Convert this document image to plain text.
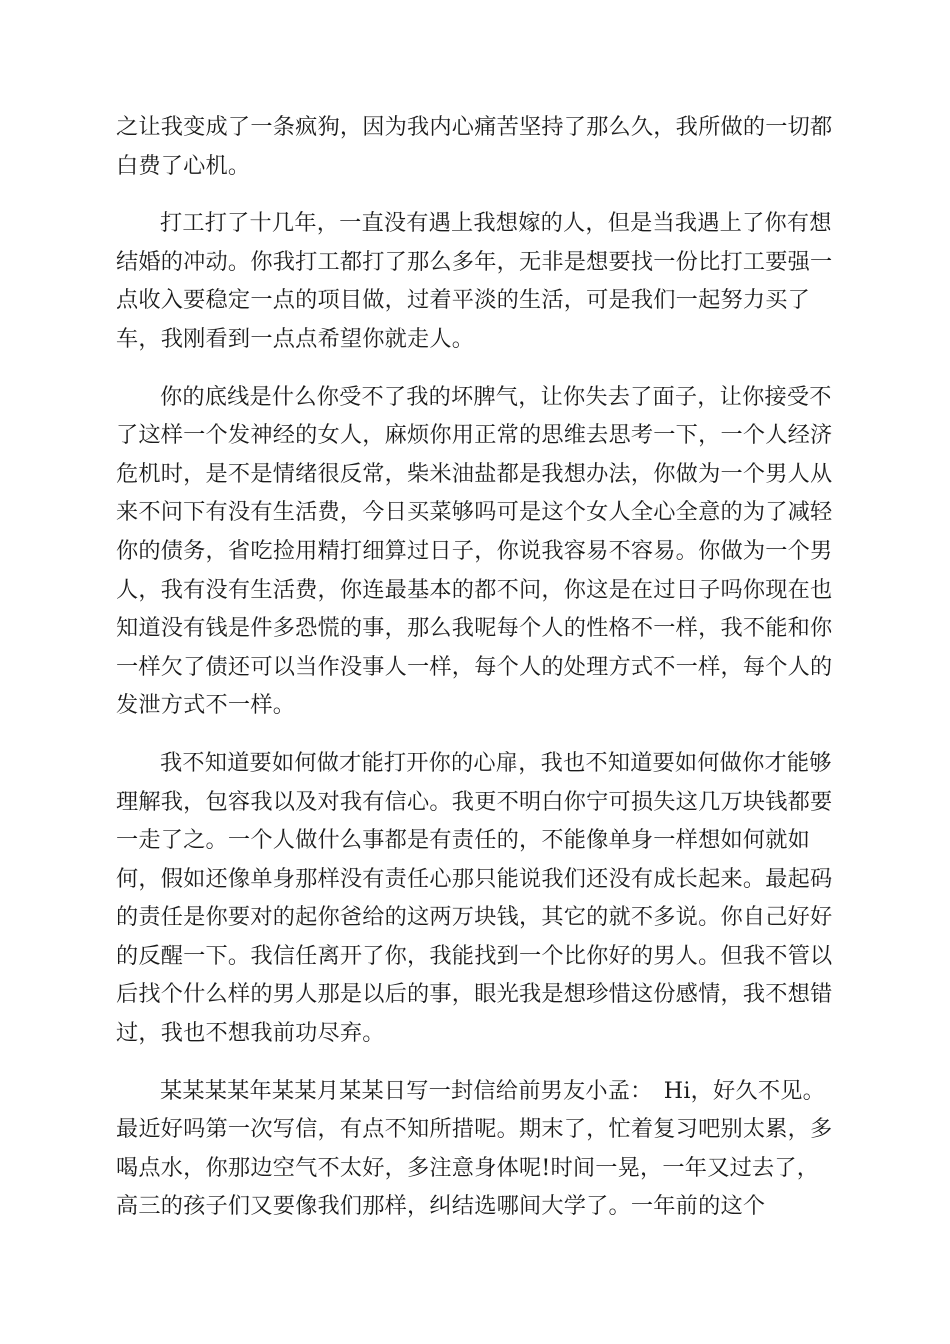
之让我变成了一条疯狗，因为我内心痛苦坚持了那么久，我所做的一切都白费了心机。

打工打了十几年，一直没有遇上我想嫁的人，但是当我遇上了你有想结婚的冲动。你我打工都打了那么多年，无非是想要找一份比打工要强一点收入要稳定一点的项目做，过着平淡的生活，可是我们一起努力买了车，我刚看到一点点希望你就走人。

你的底线是什么你受不了我的坏脾气，让你失去了面子，让你接受不了这样一个发神经的女人，麻烦你用正常的思维去思考一下，一个人经济危机时，是不是情绪很反常，柴米油盐都是我想办法，你做为一个男人从来不问下有没有生活费，今日买菜够吗可是这个女人全心全意的为了减轻你的债务，省吃捡用精打细算过日子，你说我容易不容易。你做为一个男人，我有没有生活费，你连最基本的都不问，你这是在过日子吗你现在也知道没有钱是件多恐慌的事，那么我呢每个人的性格不一样，我不能和你一样欠了债还可以当作没事人一样，每个人的处理方式不一样，每个人的发泄方式不一样。

我不知道要如何做才能打开你的心扉，我也不知道要如何做你才能够理解我，包容我以及对我有信心。我更不明白你宁可损失这几万块钱都要一走了之。一个人做什么事都是有责任的，不能像单身一样想如何就如何，假如还像单身那样没有责任心那只能说我们还没有成长起来。最起码的责任是你要对的起你爸给的这两万块钱，其它的就不多说。你自己好好的反醒一下。我信任离开了你，我能找到一个比你好的男人。但我不管以后找个什么样的男人那是以后的事，眼光我是想珍惜这份感情，我不想错过，我也不想我前功尽弃。

某某某某年某某月某某日写一封信给前男友小孟：　Hi，好久不见。最近好吗第一次写信，有点不知所措呢。期末了，忙着复习吧别太累，多喝点水，你那边空气不太好，多注意身体呢!时间一晃，一年又过去了，高三的孩子们又要像我们那样，纠结选哪间大学了。一年前的这个
